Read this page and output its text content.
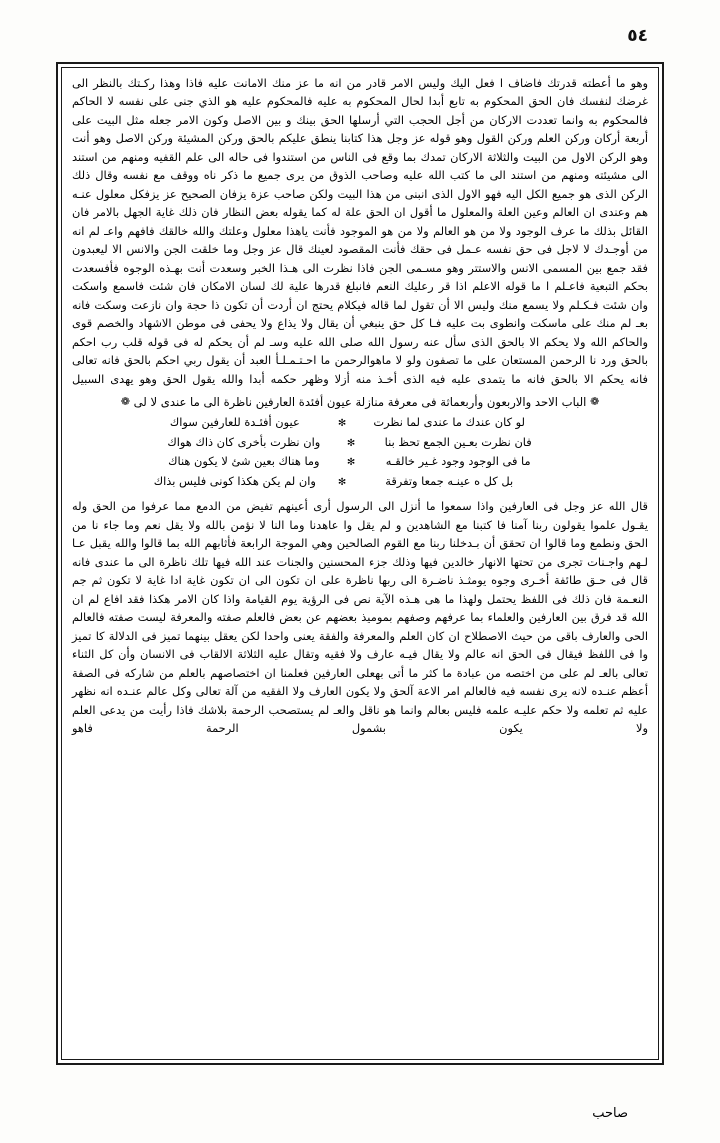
٥٤

وهو ما أعطته قدرتك فاضاف ا فعل اليك وليس الامر قادر من انه ما عز منك الامانت عليه فاذا وهذا ركـتك بالنظر الى غرضك لنفسك فان الحق المحكوم به تابع أبدا لحال المحكوم به عليه فالمحكوم عليه هو الذي جنى على نفسه لا الحاكم فالمحكوم به وانما تعددت الاركان من أجل الحجب التي أرسلها الحق بينك و بين الاصل وكون الامر جعله مثل البيت على أربعة أركان وركن العلم وركن القول وهو قوله عز وجل هذا كتابنا ينطق عليكم بالحق وركن المشيئة وركن الاصل وهو أنت وهو الركن الاول من البيت والثلاثة الاركان تمدك بما وقع فى الناس من استندوا فى حاله الى علم القفيه ومنهم من استند الى مشيئته ومنهم من استند الى ما كتب الله عليه وصاحب الذوق من يرى جميع ما ذكر ناه ووقف مع نفسه وقال ذلك الركن الذى هو جميع الكل اليه فهو الاول الذى انبنى من هذا البيت ولكن صاحب عزة يزفان الصحيح عز يزفكل معلول عنـه هم وعندى ان العالم وعين العلة والمعلول ما أقول ان الحق علة له كما يقوله بعض النظار فان ذلك غاية الجهل بالامر فان القائل بذلك ما عرف الوجود ولا من هو العالم ولا من هو الموجود فأنت ياهذا معلول وعلتك والله خالقك فافهم واعـ لم انه من أوجـدك لا لاجل فى حق نفسه عـمل فى حقك فأنت المقصود لعينك قال عز وجل وما خلقت الجن والانس الا ليعبدون فقد جمع بين المسمى الانس والاستتر وهو مسـمى الجن فاذا نظرت الى هـذا الخبر وسعدت أنت بهـذه الوجوه فأفسعدت بحكم التبعية فاعـلم ا ما قوله الاعلم اذا قر رعليك النعم فانبلغ قدرها علية لك لسان الامكان فان شئت فاسمع واسكت وان شئت فـكـلم ولا يسمع منك وليس الا أن تقول لما قاله فيكلام يحتج ان أردت أن تكون ذا حجة وان نازعت وسكت فانه بعـ لم منك على ماسكت وانطوى بت عليه فـا كل حق ينبغي أن يقال ولا يذاع ولا يحفى فى موطن الاشهاد والخصم قوى والحاكم الله ولا يحكم الا بالحق الذى سأل عنه رسول الله صلى الله عليه وسـ لم أن يحكم له فى قوله قلب رب احكم بالحق ورد نا الرحمن المستعان على ما تصفون ولو لا ماهوالرحمن ما احـتـمـلـأ العبد أن يقول ربي احكم بالحق فانه تعالى فانه يحكم الا بالحق فانه ما يتمدى عليه فيه الذى أخـذ منه أزلا وظهر حكمه أبدا والله يقول الحق وهو يهدى السبيل

❁ الباب الاحد والاربعون وأربعماثة فى معرفة منازلة عيون أفئدة العارفين ناظرة الى ما عندى لا لى ❁
لو كان عندك ما عندى لما نظرت
✻
عيون أفئـدة للعارفين سواك
فان نظرت بعـين الجمع تحظ بنا
✻
وان نظرت بأخرى كان ذاك هواك
ما فى الوجود وجود غـير خالقـه
✻
وما هناك بعين شئ لا يكون هناك
بل كل ه عينـه جمعا وتفرقة
✻
وان لم يكن هكذا كونى فليس بذاك

قال الله عز وجل فى العارفين واذا سمعوا ما أنزل الى الرسول أرى أعينهم تفيض من الدمع مما عرفوا من الحق وله يقـول علموا يقولون ربنا آمنا فا كتبنا مع الشاهدين و لم يقل وا عاهدنا وما النا لا نؤمن بالله ولا يقل نعم وما جاء نا من الحق ونطمع وما قالوا ان تحقق أن بـدخلنا ربنا مع القوم الصالحين وهي الموجة الرابعة فأثابهم الله بما قالوا والله يقبل عـا لـهم واجـنات تجرى من تحتها الانهار خالدين فيها وذلك جزء المحسنين والجنات عند الله فيها تلك ناظرة الى ما عندى فانه قال فى حـق طائفة أخـرى وجوه يومثـذ ناضـرة الى ربها ناظرة على ان تكون الى ان تكون غاية ادا غاية لا تكون ثم جم النعـمة فان ذلك فى اللفظ يحتمل ولهذا ما هى هـذه الآية نص فى الرؤية يوم القيامة واذا كان الامر هكذا فقد افاع لم ان الله قد فرق بين العارفين والعلماء بما عرفهم وصفهم بموميذ بعضهم عن بعض فالعلم صفته والمعرفة ليست صفته فالعالم الحى والعارف باقى من حيث الاصطلاح ان كان العلم والمعرفة والفقة يعنى واحدا لكن يعقل بينهما تميز فى الدلالة كا تميز وا فى اللفظ فيقال فى الحق انه عالم ولا يقال فيـه عارف ولا فقيه وتقال عليه الثلاثة الالقاب فى الانسان وأن كل الثناء تعالى بالعـ لم على من اختصه من عبادة ما كثر ما أتى بهعلى العارفين فعلمنا ان اختصاصهم بالعلم من شاركه فى الصفة أعظم عنـده لانه يرى نفسه فيه فالعالم امر الاعة آلحق ولا يكون العارف ولا الفقيه من آلة تعالى وكل عالم عنـده انه نظهر عليه ثم تعلمه ولا حكم عليـه علمه فليس بعالم وانما هو ناقل والعـ لم يستصحب الرحمة بلاشك فاذا رأيت من يدعى العلم ولا يكون بشمول الرحمة فاهو

صاحب
